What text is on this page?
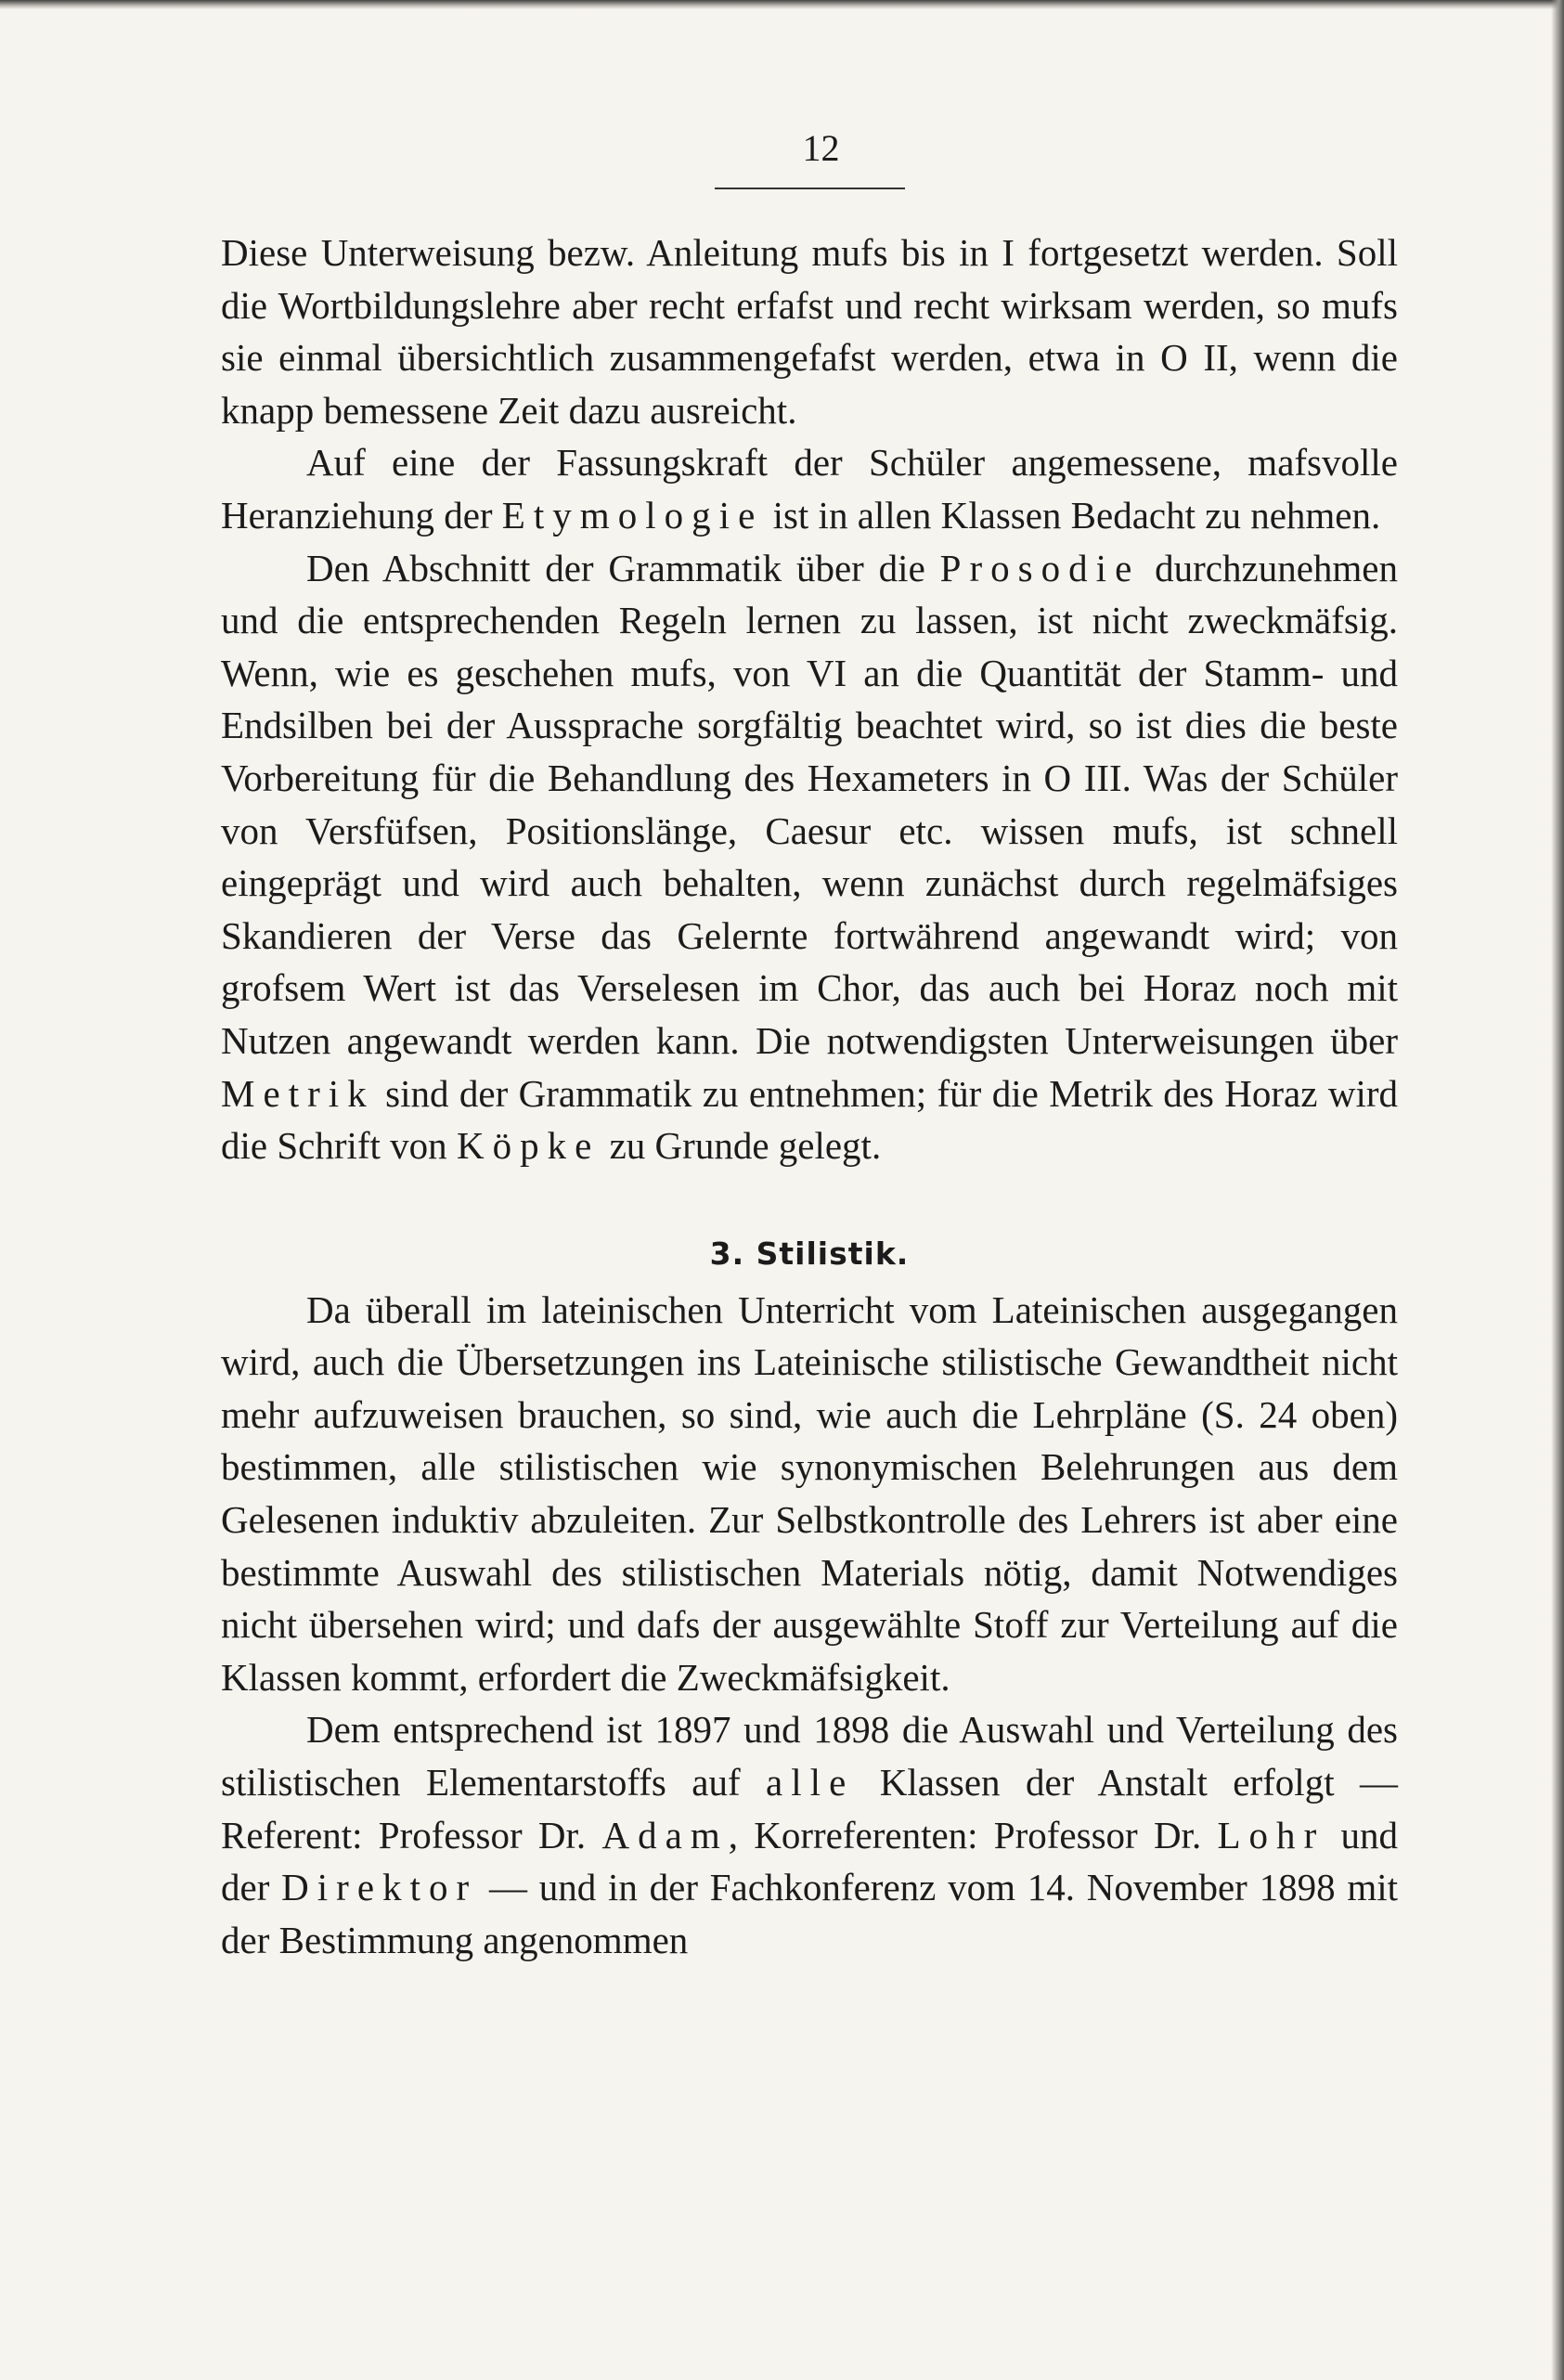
12

Diese Unterweisung bezw. Anleitung mufs bis in I fortgesetzt werden. Soll die Wortbildungslehre aber recht erfafst und recht wirksam werden, so mufs sie einmal übersichtlich zusammengefafst werden, etwa in O II, wenn die knapp bemessene Zeit dazu ausreicht.

Auf eine der Fassungskraft der Schüler angemessene, mafsvolle Heranziehung der Etymologie ist in allen Klassen Bedacht zu nehmen.

Den Abschnitt der Grammatik über die Prosodie durchzunehmen und die entsprechenden Regeln lernen zu lassen, ist nicht zweckmäfsig. Wenn, wie es geschehen mufs, von VI an die Quantität der Stamm- und Endsilben bei der Aussprache sorgfältig beachtet wird, so ist dies die beste Vorbereitung für die Behandlung des Hexameters in O III. Was der Schüler von Versfüfsen, Positionslänge, Caesur etc. wissen mufs, ist schnell eingeprägt und wird auch behalten, wenn zunächst durch regelmäfsiges Skandieren der Verse das Gelernte fortwährend angewandt wird; von grofsem Wert ist das Verselesen im Chor, das auch bei Horaz noch mit Nutzen angewandt werden kann. Die notwendigsten Unterweisungen über Metrik sind der Grammatik zu entnehmen; für die Metrik des Horaz wird die Schrift von Köpke zu Grunde gelegt.

3. Stilistik.

Da überall im lateinischen Unterricht vom Lateinischen ausgegangen wird, auch die Übersetzungen ins Lateinische stilistische Gewandtheit nicht mehr aufzuweisen brauchen, so sind, wie auch die Lehrpläne (S. 24 oben) bestimmen, alle stilistischen wie synonymischen Belehrungen aus dem Gelesenen induktiv abzuleiten. Zur Selbstkontrolle des Lehrers ist aber eine bestimmte Auswahl des stilistischen Materials nötig, damit Notwendiges nicht übersehen wird; und dafs der ausgewählte Stoff zur Verteilung auf die Klassen kommt, erfordert die Zweckmäfsigkeit.

Dem entsprechend ist 1897 und 1898 die Auswahl und Verteilung des stilistischen Elementarstoffs auf alle Klassen der Anstalt erfolgt — Referent: Professor Dr. Adam, Korreferenten: Professor Dr. Lohr und der Direktor — und in der Fachkonferenz vom 14. November 1898 mit der Bestimmung angenommen
